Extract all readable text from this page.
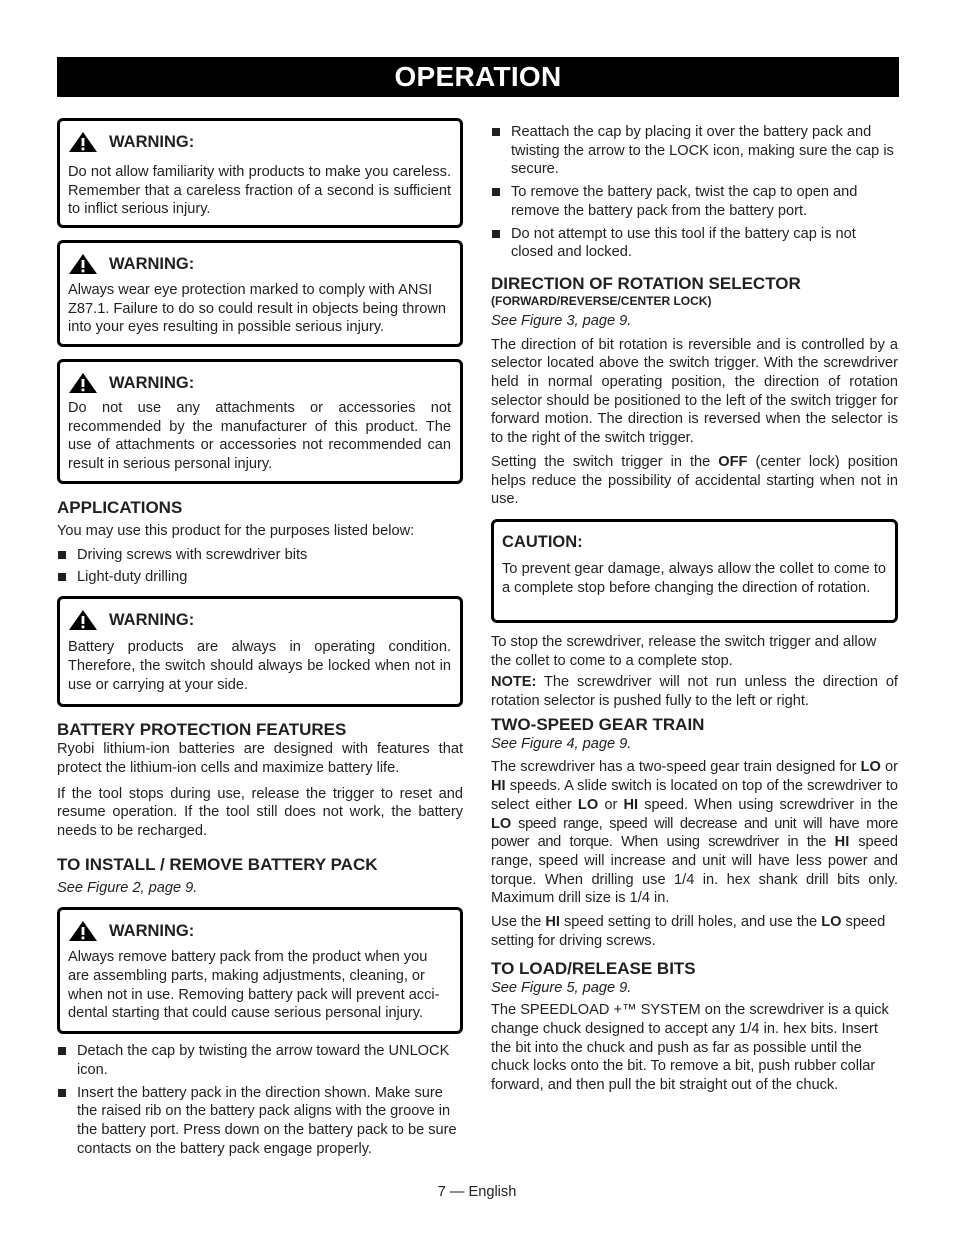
OPERATION
WARNING:
Do not allow familiarity with products to make you careless. Remember that a careless fraction of a second is sufficient to inflict serious injury.
WARNING:
Always wear eye protection marked to comply with ANSI Z87.1. Failure to do so could result in objects being thrown into your eyes resulting in possible serious injury.
WARNING:
Do not use any attachments or accessories not recommended by the manufacturer of this product. The use of attachments or accessories not recommended can result in serious personal injury.
APPLICATIONS

You may use this product for the purposes listed below:

Driving screws with screwdriver bits
Light-duty drilling
WARNING:
Battery products are always in operating condition. Therefore, the switch should always be locked when not in use or carrying at your side.
BATTERY PROTECTION FEATURES

Ryobi lithium-ion batteries are designed with features that protect the lithium-ion cells and maximize battery life.

If the tool stops during use, release the trigger to reset and resume operation. If the tool still does not work, the battery needs to be recharged.

TO INSTALL / REMOVE BATTERY PACK

See Figure 2, page 9.

WARNING:
Always remove battery pack from the product when you are assembling parts, making adjustments, cleaning, or when not in use. Removing battery pack will prevent acci-dental starting that could cause serious personal injury.
Detach the cap by twisting the arrow toward the UNLOCK icon.
Insert the battery pack in the direction shown. Make sure the raised rib on the battery pack aligns with the groove in the battery port. Press down on the battery pack to be sure contacts on the battery pack engage properly.
Reattach the cap by placing it over the battery pack and twisting the arrow to the LOCK icon, making sure the cap is secure.
To remove the battery pack, twist the cap to open and remove the battery pack from the battery port.
Do not attempt to use this tool if the battery cap is not closed and locked.
DIRECTION OF ROTATION SELECTOR
(FORWARD/REVERSE/CENTER LOCK)

See Figure 3, page 9.

The direction of bit rotation is reversible and is controlled by a selector located above the switch trigger. With the screwdriver held in normal operating position, the direction of rotation selector should be positioned to the left of the switch trigger for forward motion. The direction is reversed when the selector is to the right of the switch trigger.

Setting the switch trigger in the OFF (center lock) position helps reduce the possibility of accidental starting when not in use.

CAUTION:
To prevent gear damage, always allow the collet to come to a complete stop before changing the direction of rotation.

To stop the screwdriver, release the switch trigger and allow the collet to come to a complete stop.

NOTE: The screwdriver will not run unless the direction of rotation selector is pushed fully to the left or right.

TWO-SPEED GEAR TRAIN

See Figure 4, page 9.

The screwdriver has a two-speed gear train designed for LO or HI speeds. A slide switch is located on top of the screwdriver to select either LO or HI speed. When using screwdriver in the LO speed range, speed will decrease and unit will have more power and torque. When using screwdriver in the HI speed range, speed will increase and unit will have less power and torque. When drilling use 1/4 in. hex shank drill bits only. Maximum drill size is 1/4 in.

Use the HI speed setting to drill holes, and use the LO speed setting for driving screws.

TO LOAD/RELEASE BITS

See Figure 5, page 9.

The SPEEDLOAD +™ SYSTEM on the screwdriver is a quick change chuck designed to accept any 1/4 in. hex bits. Insert the bit into the chuck and push as far as possible until the chuck locks onto the bit. To remove a bit, push rubber collar forward, and then pull the bit straight out of the chuck.

7 — English
